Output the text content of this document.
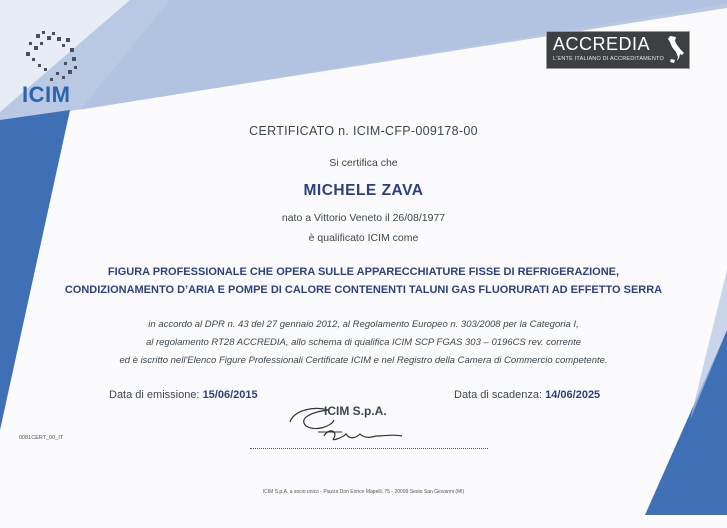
ICIM
ACCREDIA
L'ENTE ITALIANO DI ACCREDITAMENTO
CERTIFICATO n. ICIM-CFP-009178-00
Si certifica che
MICHELE ZAVA
nato a Vittorio Veneto il 26/08/1977
è qualificato ICIM come
FIGURA PROFESSIONALE CHE OPERA SULLE APPARECCHIATURE FISSE DI REFRIGERAZIONE,
CONDIZIONAMENTO D’ARIA E POMPE DI CALORE CONTENENTI TALUNI GAS FLUORURATI AD EFFETTO SERRA
in accordo al DPR n. 43 del 27 gennaio 2012, al Regolamento Europeo n. 303/2008 per la Categoria I,
al regolamento RT28 ACCREDIA, allo schema di qualifica ICIM SCP FGAS 303 – 0196CS rev. corrente
ed è iscritto nell'Elenco Figure Professionali Certificate ICIM e nel Registro della Camera di Commercio competente.
Data di emissione: 15/06/2015	Data di scadenza: 14/06/2025
ICIM S.p.A.
0081CERT_00_IT
ICIM S.p.A. a socio unico - Piazza Don Enrico Mapelli, 75 - 20099 Sesto San Giovanni (MI)
